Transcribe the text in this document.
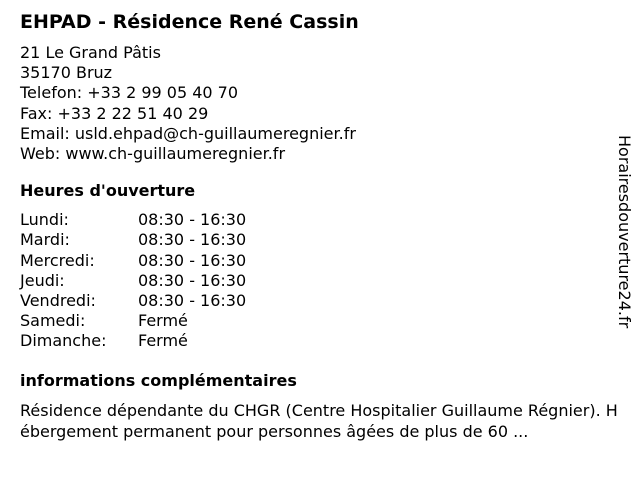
EHPAD - Résidence René Cassin
21 Le Grand Pâtis
35170 Bruz
Telefon: +33 2 99 05 40 70
Fax: +33 2 22 51 40 29
Email: usld.ehpad@ch-guillaumeregnier.fr
Web: www.ch-guillaumeregnier.fr
Heures d'ouverture
Lundi:	08:30 - 16:30
Mardi:	08:30 - 16:30
Mercredi:	08:30 - 16:30
Jeudi:	08:30 - 16:30
Vendredi:	08:30 - 16:30
Samedi:	Fermé
Dimanche: Fermé
informations complémentaires
Résidence dépendante du CHGR (Centre Hospitalier Guillaume Régnier). Hébergement permanent pour personnes âgées de plus de 60 ...
Horairesdouverture24.fr
